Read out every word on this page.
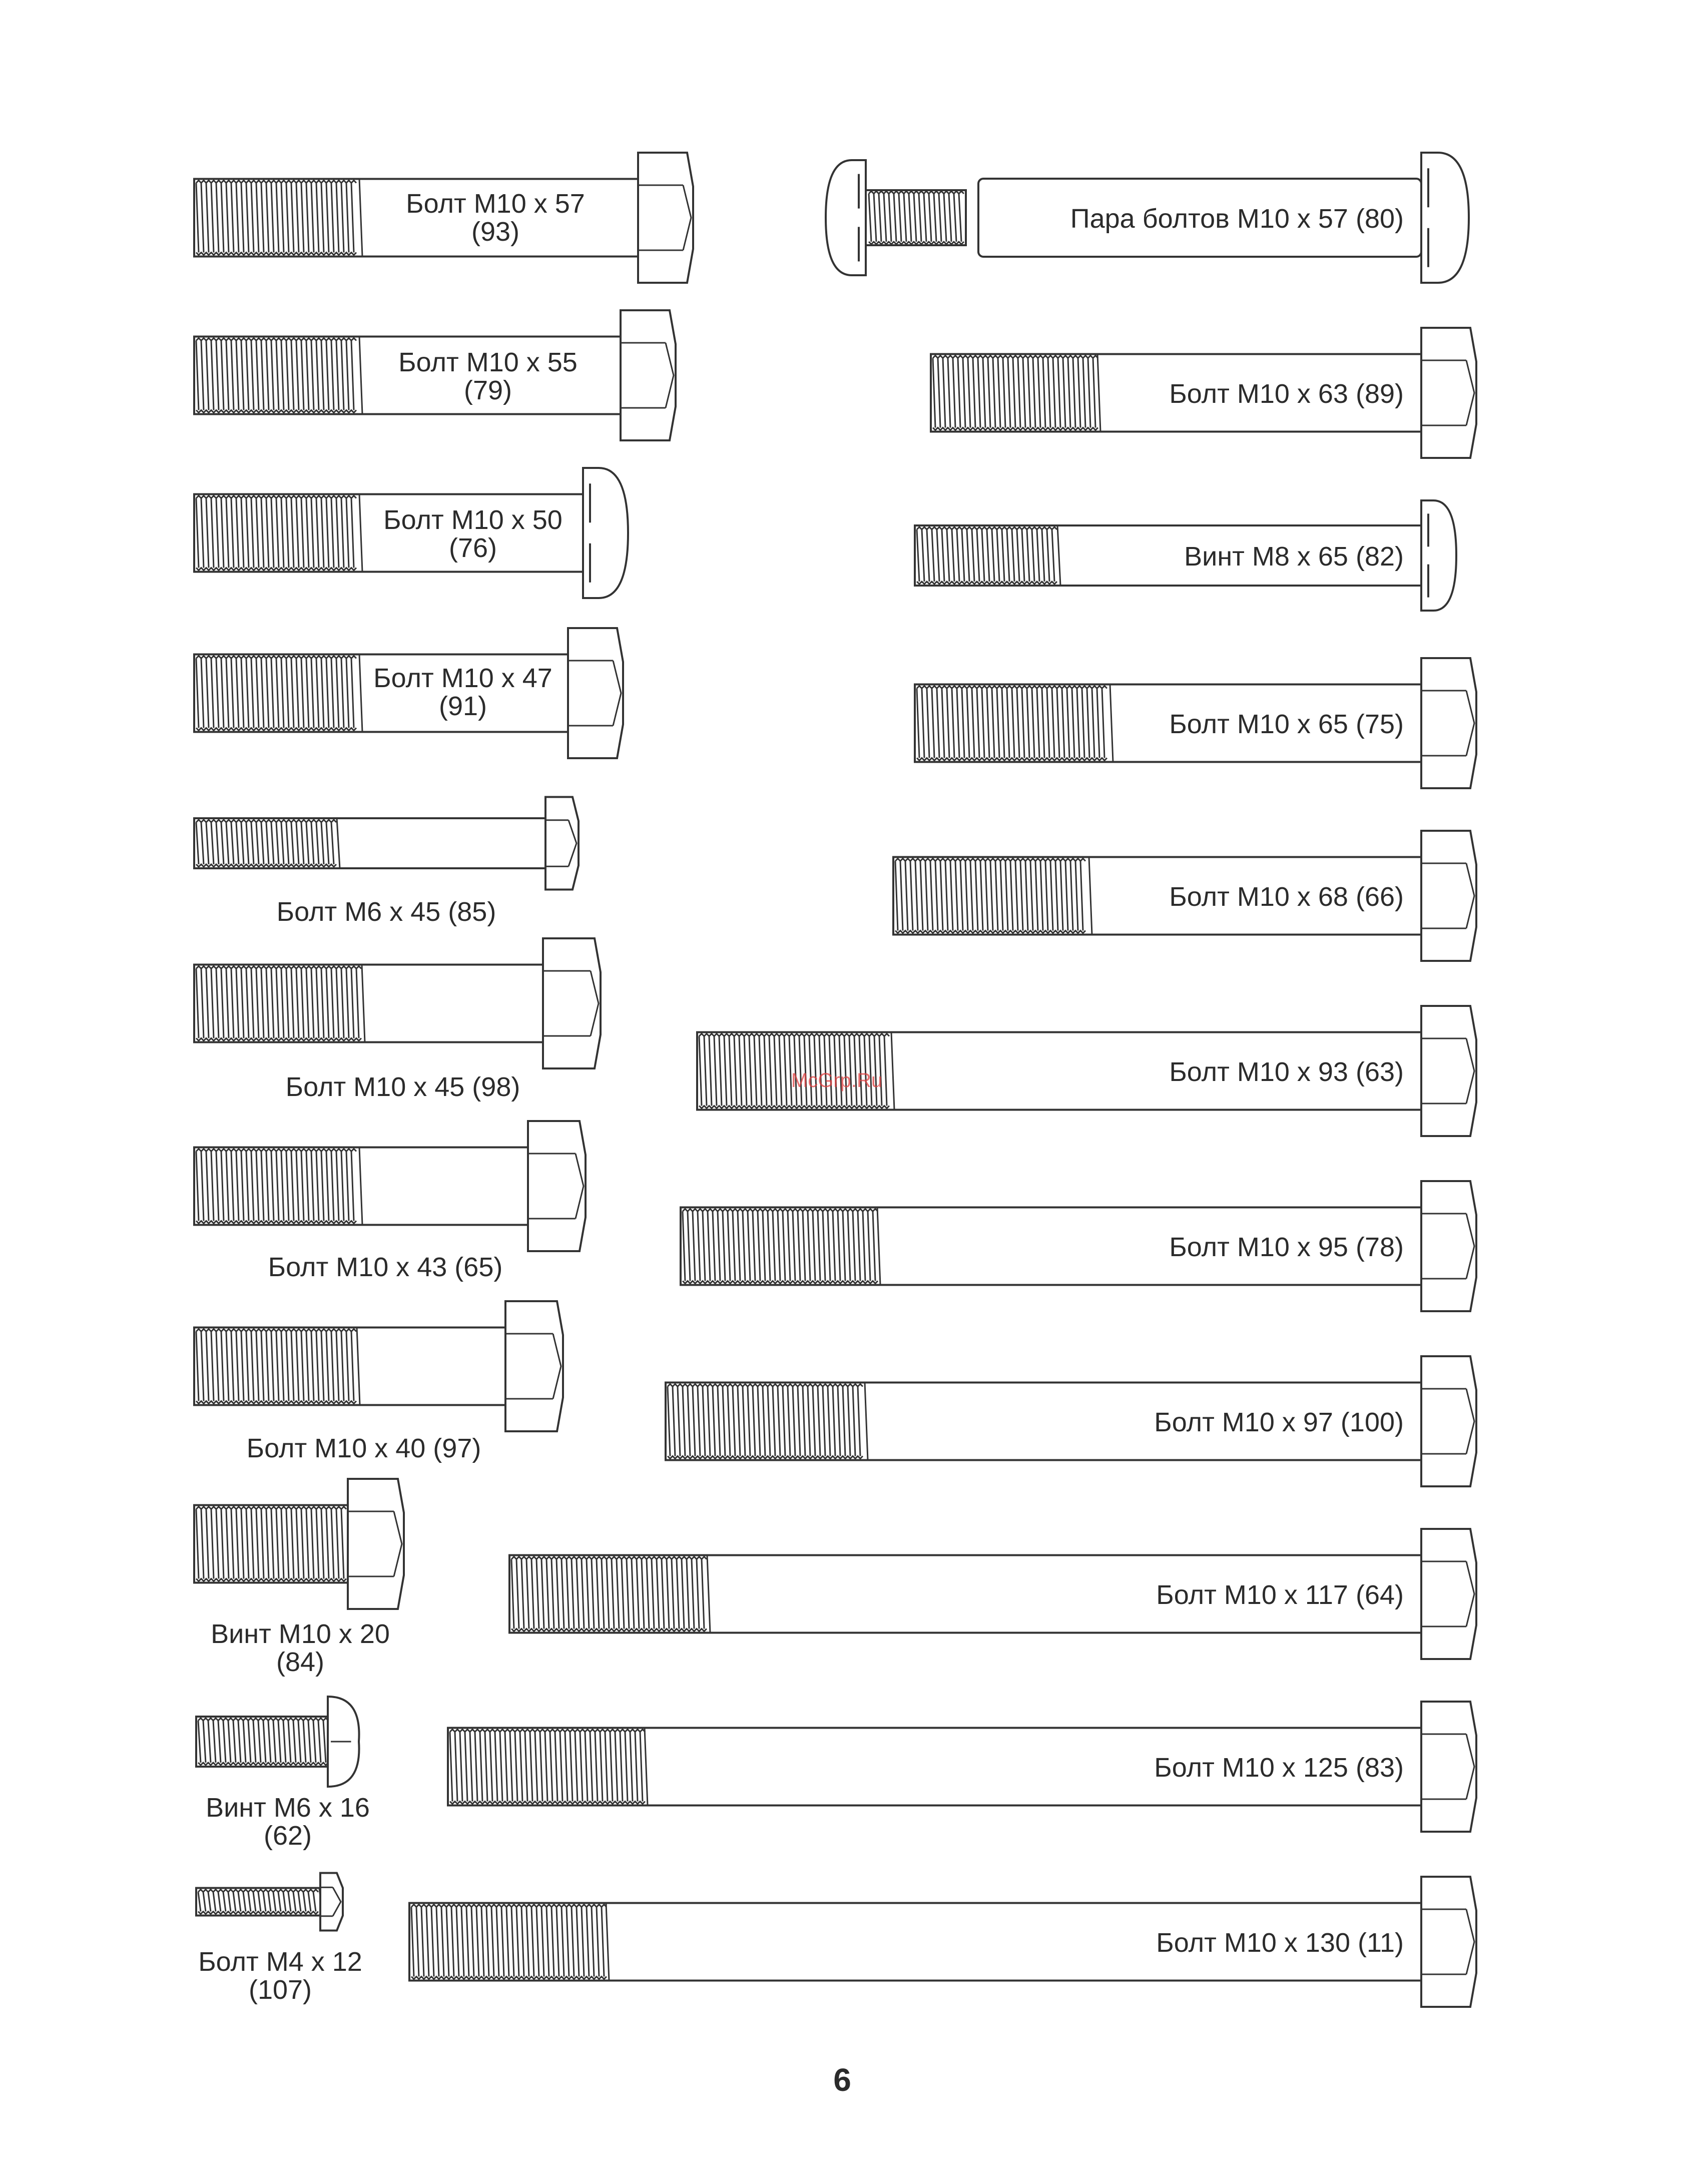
Болт М10 x 57
(93)
Болт М10 x 55
(79)
Болт М10 x 50
(76)
Болт М10 x 47
(91)
Болт М6 x 45 (85)
Болт М10 x 45 (98)
Болт М10 x 43 (65)
Болт М10 x 40 (97)
Винт М10 x 20
(84)
Винт М6 x 16
(62)
Болт М4 x 12
(107)
Пара болтов М10 x 57 (80)
Болт М10 x 63 (89)
Винт М8 x 65 (82)
Болт М10 x 65 (75)
Болт М10 x 68 (66)
Болт М10 x 93 (63)
Болт М10 x 95 (78)
Болт М10 x 97 (100)
Болт М10 x 117 (64)
Болт М10 x 125 (83)
Болт М10 x 130 (11)
McGrp.Ru
6
